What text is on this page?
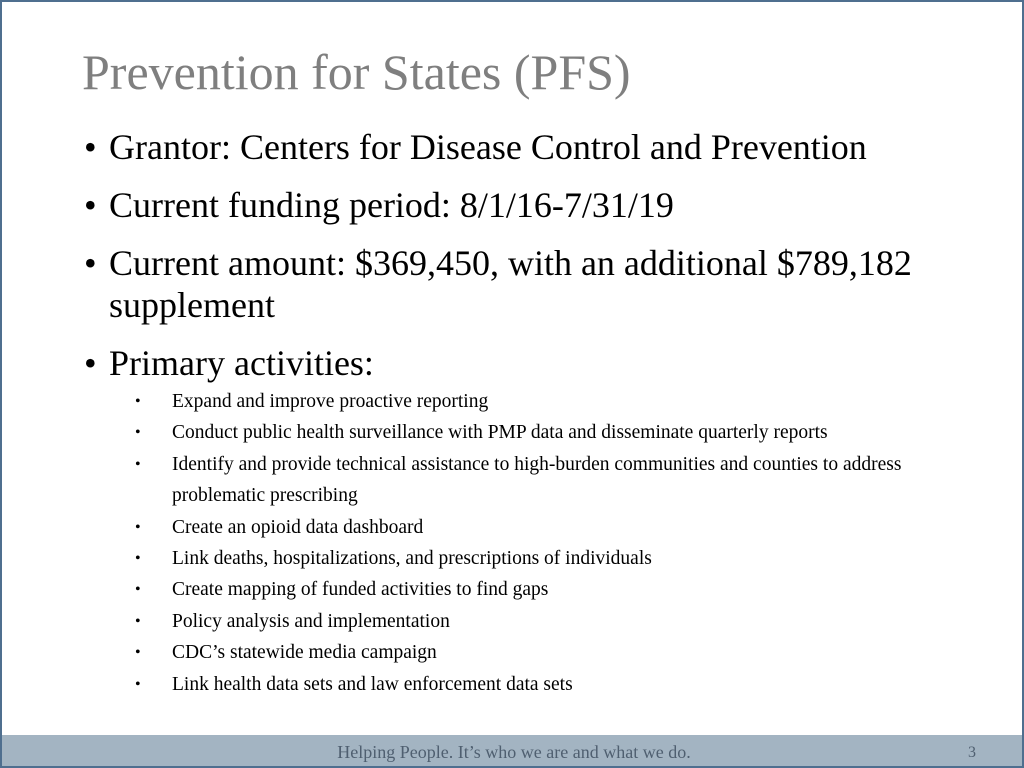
Prevention for States (PFS)
• Grantor: Centers for Disease Control and Prevention
• Current funding period: 8/1/16-7/31/19
• Current amount: $369,450, with an additional $789,182 supplement
• Primary activities:
• Expand and improve proactive reporting
• Conduct public health surveillance with PMP data and disseminate quarterly reports
• Identify and provide technical assistance to high-burden communities and counties to address problematic prescribing
• Create an opioid data dashboard
• Link deaths, hospitalizations, and prescriptions of individuals
• Create mapping of funded activities to find gaps
• Policy analysis and implementation
• CDC’s statewide media campaign
• Link health data sets and law enforcement data sets
Helping People. It’s who we are and what we do.	3
